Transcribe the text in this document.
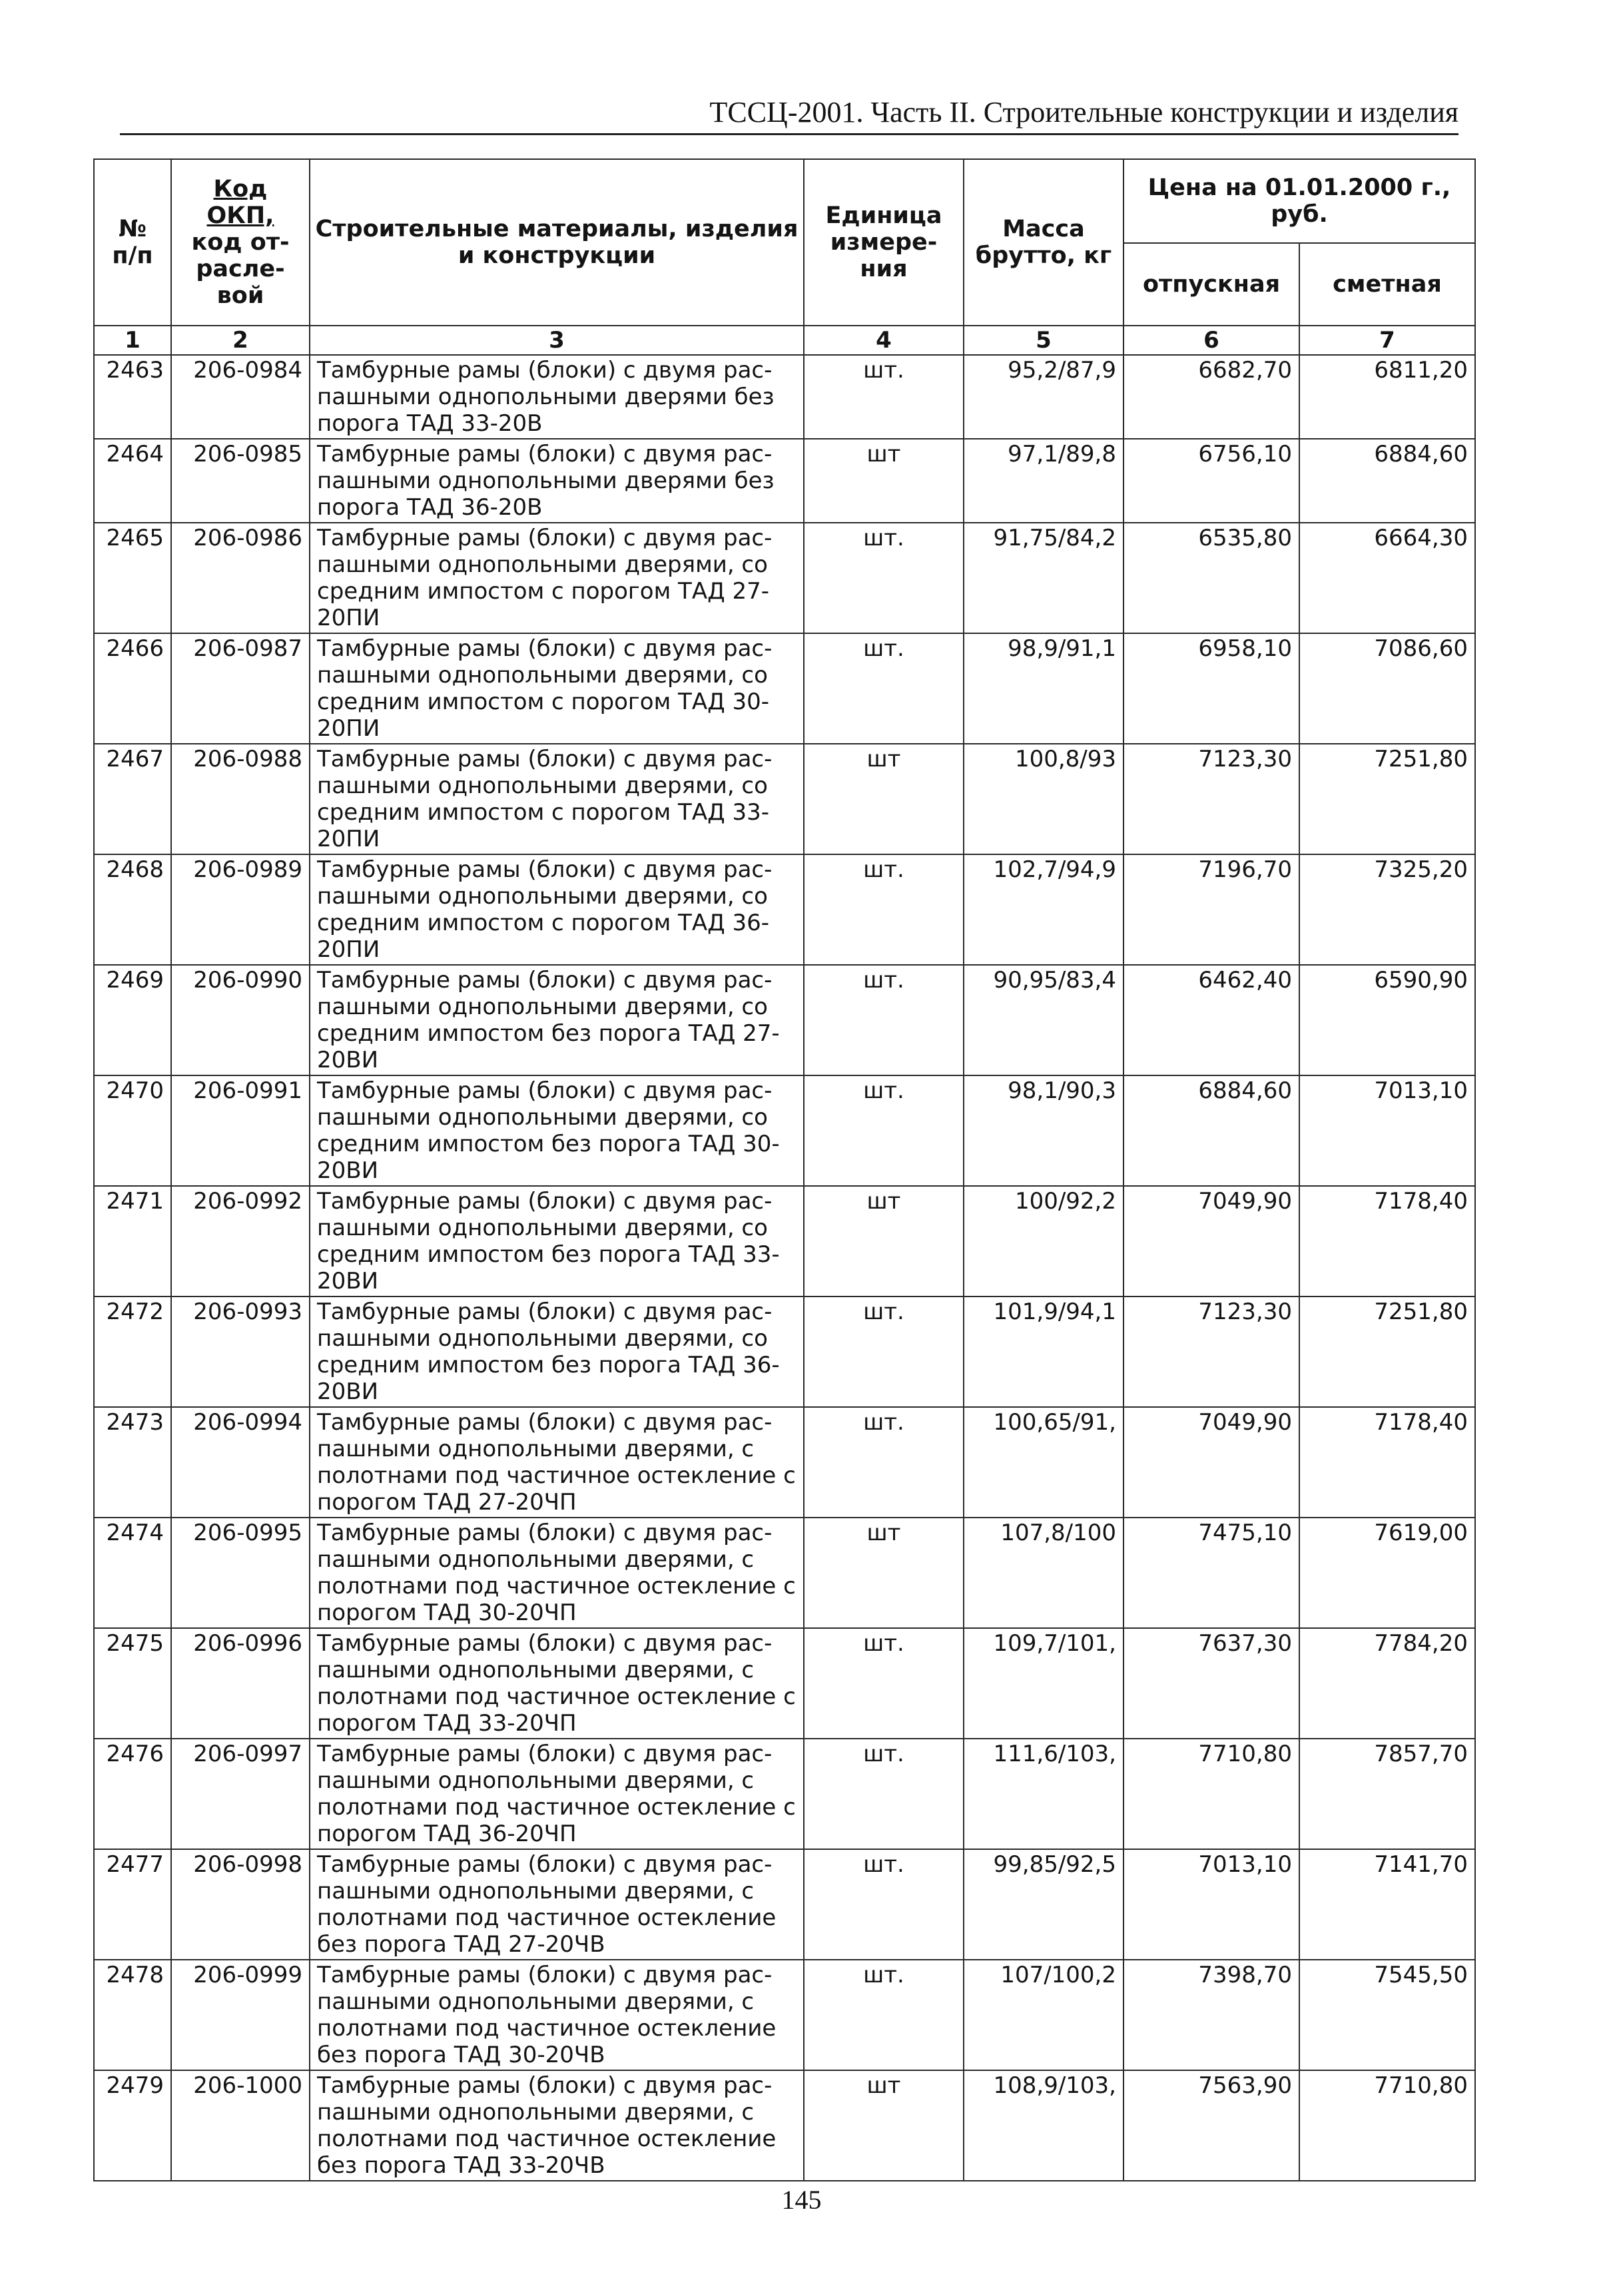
ТССЦ-2001. Часть II. Строительные конструкции и изделия
№
п/п	Код
ОКП,
код от-
расле-
вой	Строительные материалы, изделия
и конструкции	Единица
измере-
ния	Масса
брутто, кг	Цена на 01.01.2000 г.,
руб.	
					отпускная	сметная
1	2	3	4	5	6	7
2463	206-0984	Тамбурные рамы (блоки) с двумя рас-
пашными однопольными дверями без
порога ТАД 33-20В	шт.	95,2/87,9	6682,70	6811,20
2464	206-0985	Тамбурные рамы (блоки) с двумя рас-
пашными однопольными дверями без
порога ТАД 36-20В	шт	97,1/89,8	6756,10	6884,60
2465	206-0986	Тамбурные рамы (блоки) с двумя рас-
пашными однопольными дверями, со
средним импостом с порогом ТАД 27-
20ПИ	шт.	91,75/84,2	6535,80	6664,30
2466	206-0987	Тамбурные рамы (блоки) с двумя рас-
пашными однопольными дверями, со
средним импостом с порогом ТАД 30-
20ПИ	шт.	98,9/91,1	6958,10	7086,60
2467	206-0988	Тамбурные рамы (блоки) с двумя рас-
пашными однопольными дверями, со
средним импостом с порогом ТАД 33-
20ПИ	шт	100,8/93	7123,30	7251,80
2468	206-0989	Тамбурные рамы (блоки) с двумя рас-
пашными однопольными дверями, со
средним импостом с порогом ТАД 36-
20ПИ	шт.	102,7/94,9	7196,70	7325,20
2469	206-0990	Тамбурные рамы (блоки) с двумя рас-
пашными однопольными дверями, со
средним импостом без порога ТАД 27-
20ВИ	шт.	90,95/83,4	6462,40	6590,90
2470	206-0991	Тамбурные рамы (блоки) с двумя рас-
пашными однопольными дверями, со
средним импостом без порога ТАД 30-
20ВИ	шт.	98,1/90,3	6884,60	7013,10
2471	206-0992	Тамбурные рамы (блоки) с двумя рас-
пашными однопольными дверями, со
средним импостом без порога ТАД 33-
20ВИ	шт	100/92,2	7049,90	7178,40
2472	206-0993	Тамбурные рамы (блоки) с двумя рас-
пашными однопольными дверями, со
средним импостом без порога ТАД 36-
20ВИ	шт.	101,9/94,1	7123,30	7251,80
2473	206-0994	Тамбурные рамы (блоки) с двумя рас-
пашными однопольными дверями, с
полотнами под частичное остекление с
порогом ТАД 27-20ЧП	шт.	100,65/91,	7049,90	7178,40
2474	206-0995	Тамбурные рамы (блоки) с двумя рас-
пашными однопольными дверями, с
полотнами под частичное остекление с
порогом ТАД 30-20ЧП	шт	107,8/100	7475,10	7619,00
2475	206-0996	Тамбурные рамы (блоки) с двумя рас-
пашными однопольными дверями, с
полотнами под частичное остекление с
порогом ТАД 33-20ЧП	шт.	109,7/101,	7637,30	7784,20
2476	206-0997	Тамбурные рамы (блоки) с двумя рас-
пашными однопольными дверями, с
полотнами под частичное остекление с
порогом ТАД 36-20ЧП	шт.	111,6/103,	7710,80	7857,70
2477	206-0998	Тамбурные рамы (блоки) с двумя рас-
пашными однопольными дверями, с
полотнами под частичное остекление
без порога ТАД 27-20ЧВ	шт.	99,85/92,5	7013,10	7141,70
2478	206-0999	Тамбурные рамы (блоки) с двумя рас-
пашными однопольными дверями, с
полотнами под частичное остекление
без порога ТАД 30-20ЧВ	шт.	107/100,2	7398,70	7545,50
2479	206-1000	Тамбурные рамы (блоки) с двумя рас-
пашными однопольными дверями, с
полотнами под частичное остекление
без порога ТАД 33-20ЧВ	шт	108,9/103,	7563,90	7710,80
145
